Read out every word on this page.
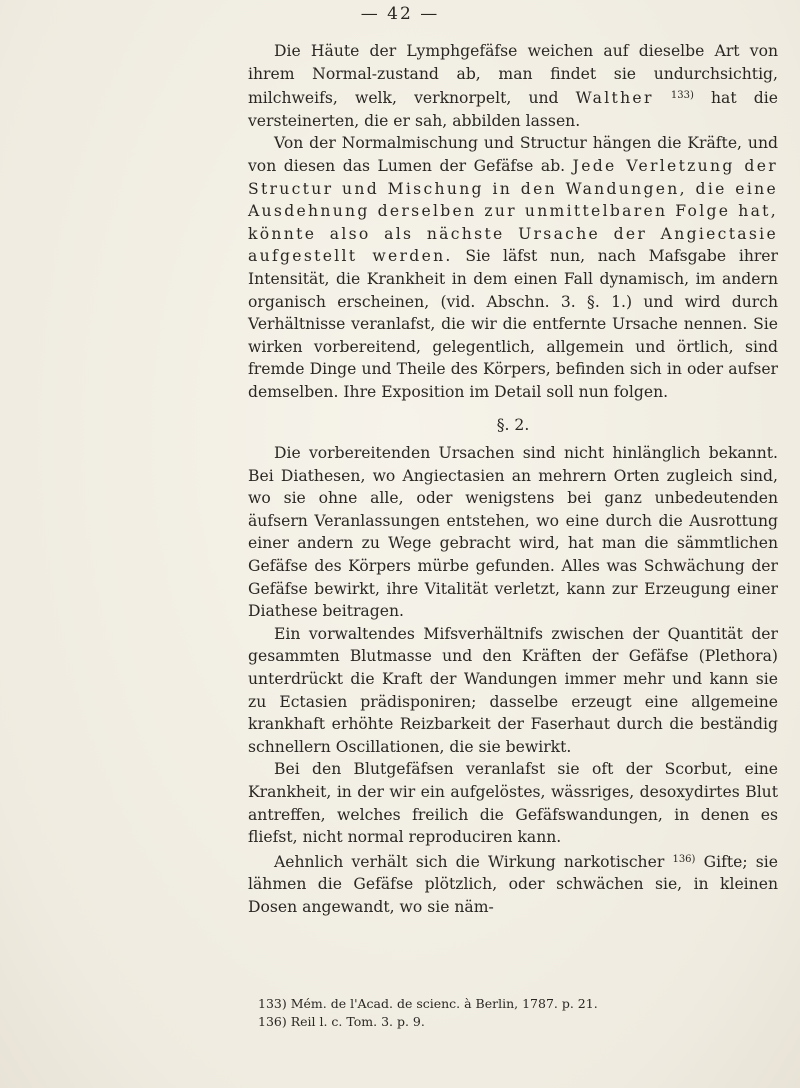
— 42 —

Die Häute der Lymphgefäfse weichen auf dieselbe Art von ihrem Normal-zustand ab, man findet sie undurchsichtig, milchweifs, welk, verknorpelt, und Walther $^{133)}$ hat die versteinerten, die er sah, abbilden lassen.

Von der Normalmischung und Structur hängen die Kräfte, und von diesen das Lumen der Gefäfse ab. Jede Verletzung der Structur und Mischung in den Wandungen, die eine Ausdehnung derselben zur unmittelbaren Folge hat, könnte also als nächste Ursache der Angiectasie aufgestellt werden. Sie läfst nun, nach Mafsgabe ihrer Intensität, die Krankheit in dem einen Fall dynamisch, im andern organisch erscheinen, (vid. Abschn. 3. §. 1.) und wird durch Verhältnisse veranlafst, die wir die entfernte Ursache nennen. Sie wirken vorbereitend, gelegentlich, allgemein und örtlich, sind fremde Dinge und Theile des Körpers, befinden sich in oder aufser demselben. Ihre Exposition im Detail soll nun folgen.

§. 2.

Die vorbereitenden Ursachen sind nicht hinlänglich bekannt. Bei Diathesen, wo Angiectasien an mehrern Orten zugleich sind, wo sie ohne alle, oder wenigstens bei ganz unbedeutenden äufsern Veranlassungen entstehen, wo eine durch die Ausrottung einer andern zu Wege gebracht wird, hat man die sämmtlichen Gefäfse des Körpers mürbe gefunden. Alles was Schwächung der Gefäfse bewirkt, ihre Vitalität verletzt, kann zur Erzeugung einer Diathese beitragen.

Ein vorwaltendes Mifsverhältnifs zwischen der Quantität der gesammten Blutmasse und den Kräften der Gefäfse (Plethora) unterdrückt die Kraft der Wandungen immer mehr und kann sie zu Ectasien prädisponiren; dasselbe erzeugt eine allgemeine krankhaft erhöhte Reizbarkeit der Faserhaut durch die beständig schnellern Oscillationen, die sie bewirkt.

Bei den Blutgefäfsen veranlafst sie oft der Scorbut, eine Krankheit, in der wir ein aufgelöstes, wässriges, desoxydirtes Blut antreffen, welches freilich die Gefäfswandungen, in denen es fliefst, nicht normal reproduciren kann.

Aehnlich verhält sich die Wirkung narkotischer $^{136)}$ Gifte; sie lähmen die Gefäfse plötzlich, oder schwächen sie, in kleinen Dosen angewandt, wo sie näm-

133) Mém. de l'Acad. de scienc. à Berlin, 1787. p. 21.

136) Reil l. c. Tom. 3. p. 9.
